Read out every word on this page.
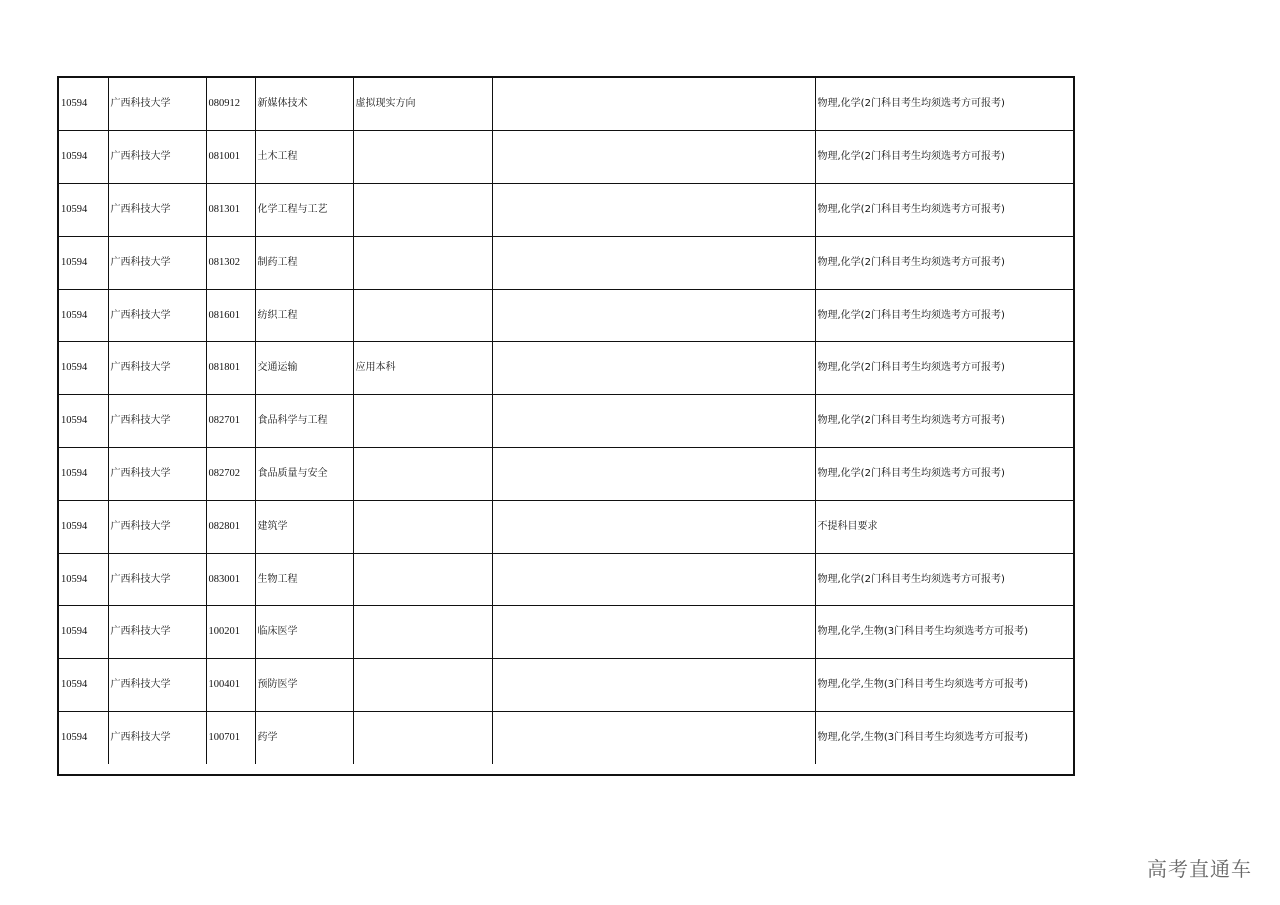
10594	广西科技大学	080912	新媒体技术	虚拟现实方向		物理,化学(2门科目考生均须选考方可报考)
10594	广西科技大学	081001	土木工程			物理,化学(2门科目考生均须选考方可报考)
10594	广西科技大学	081301	化学工程与工艺			物理,化学(2门科目考生均须选考方可报考)
10594	广西科技大学	081302	制药工程			物理,化学(2门科目考生均须选考方可报考)
10594	广西科技大学	081601	纺织工程			物理,化学(2门科目考生均须选考方可报考)
10594	广西科技大学	081801	交通运输	应用本科		物理,化学(2门科目考生均须选考方可报考)
10594	广西科技大学	082701	食品科学与工程			物理,化学(2门科目考生均须选考方可报考)
10594	广西科技大学	082702	食品质量与安全			物理,化学(2门科目考生均须选考方可报考)
10594	广西科技大学	082801	建筑学			不提科目要求
10594	广西科技大学	083001	生物工程			物理,化学(2门科目考生均须选考方可报考)
10594	广西科技大学	100201	临床医学			物理,化学,生物(3门科目考生均须选考方可报考)
10594	广西科技大学	100401	预防医学			物理,化学,生物(3门科目考生均须选考方可报考)
10594	广西科技大学	100701	药学			物理,化学,生物(3门科目考生均须选考方可报考)
高考直通车
